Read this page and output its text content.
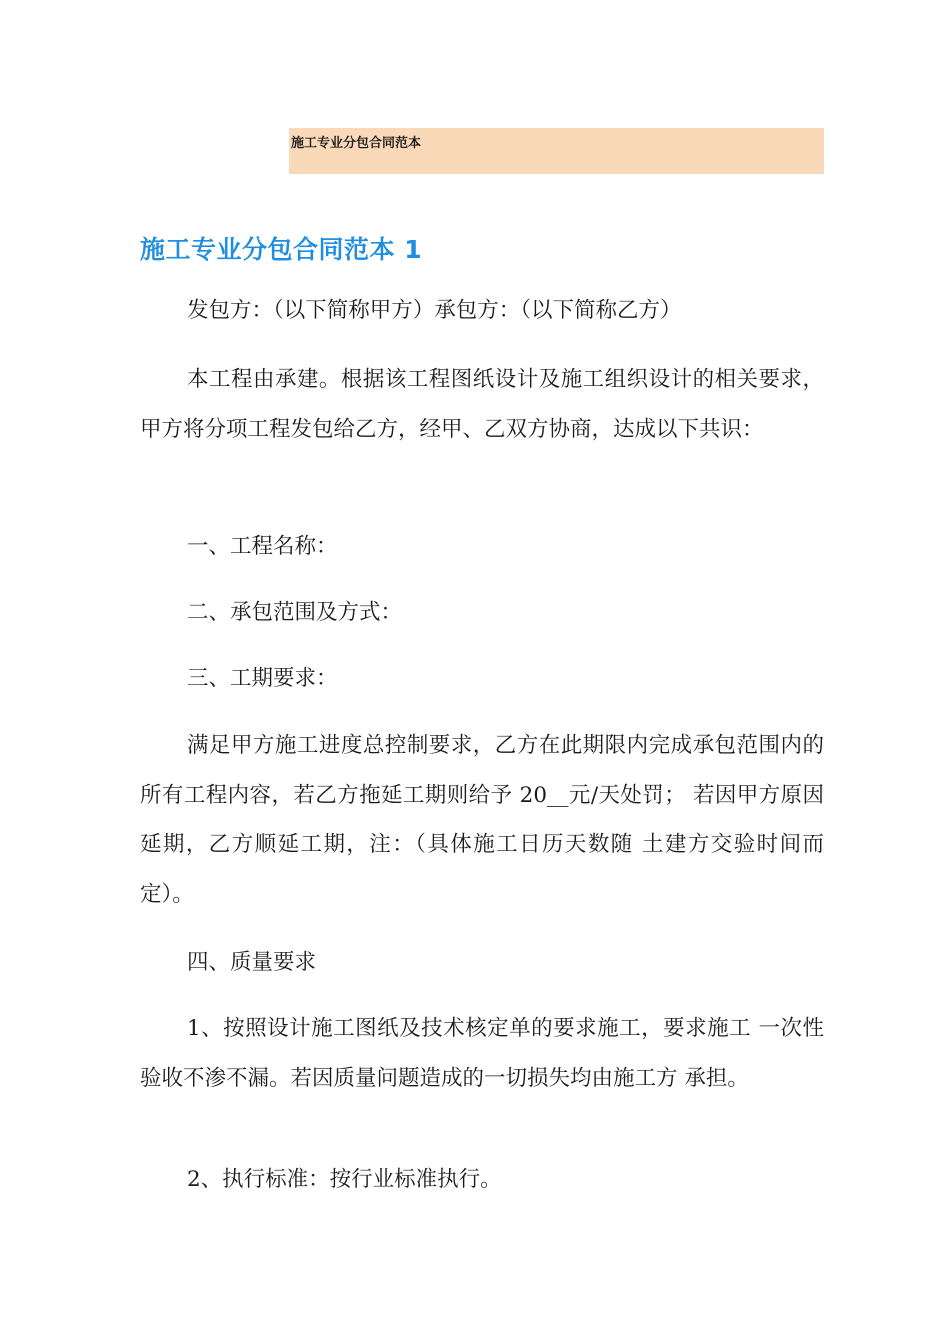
施工专业分包合同范本
施工专业分包合同范本 1

发包方：（以下简称甲方）承包方：（以下简称乙方）

本工程由承建。根据该工程图纸设计及施工组织设计的相关要求，甲方将分项工程发包给乙方，经甲、乙双方协商，达成以下共识：

一、工程名称：

二、承包范围及方式：

三、工期要求：

满足甲方施工进度总控制要求，乙方在此期限内完成承包范围内的所有工程内容，若乙方拖延工期则给予 20__元/天处罚； 若因甲方原因延期，乙方顺延工期，注：（具体施工日历天数随 土建方交验时间而定）。

四、质量要求

1、按照设计施工图纸及技术核定单的要求施工，要求施工 一次性验收不渗不漏。若因质量问题造成的一切损失均由施工方 承担。

2、执行标准：按行业标准执行。
